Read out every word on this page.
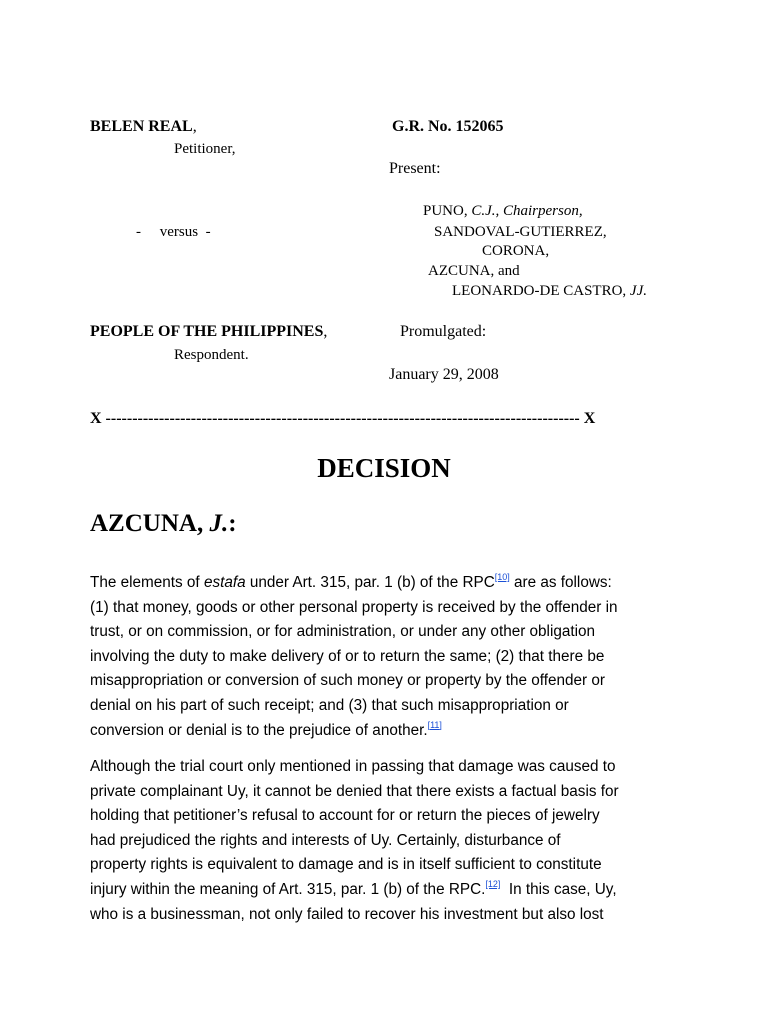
BELEN REAL,
Petitioner,
G.R. No. 152065
Present:
PUNO, C.J., Chairperson,
-     versus  -	SANDOVAL-GUTIERREZ,
CORONA,
AZCUNA, and
LEONARDO-DE CASTRO, JJ.
PEOPLE OF THE PHILIPPINES,	Promulgated:
Respondent.
January 29, 2008
X ----------------------------------------------------------------------------------------- X
DECISION
AZCUNA, J.:
The elements of estafa under Art. 315, par. 1 (b) of the RPC[10] are as follows:
(1) that money, goods or other personal property is received by the offender in
trust, or on commission, or for administration, or under any other obligation
involving the duty to make delivery of or to return the same; (2) that there be
misappropriation or conversion of such money or property by the offender or
denial on his part of such receipt; and (3) that such misappropriation or
conversion or denial is to the prejudice of another.[11]
Although the trial court only mentioned in passing that damage was caused to
private complainant Uy, it cannot be denied that there exists a factual basis for
holding that petitioner’s refusal to account for or return the pieces of jewelry
had prejudiced the rights and interests of Uy. Certainly, disturbance of
property rights is equivalent to damage and is in itself sufficient to constitute
injury within the meaning of Art. 315, par. 1 (b) of the RPC.[12]  In this case, Uy,
who is a businessman, not only failed to recover his investment but also lost
